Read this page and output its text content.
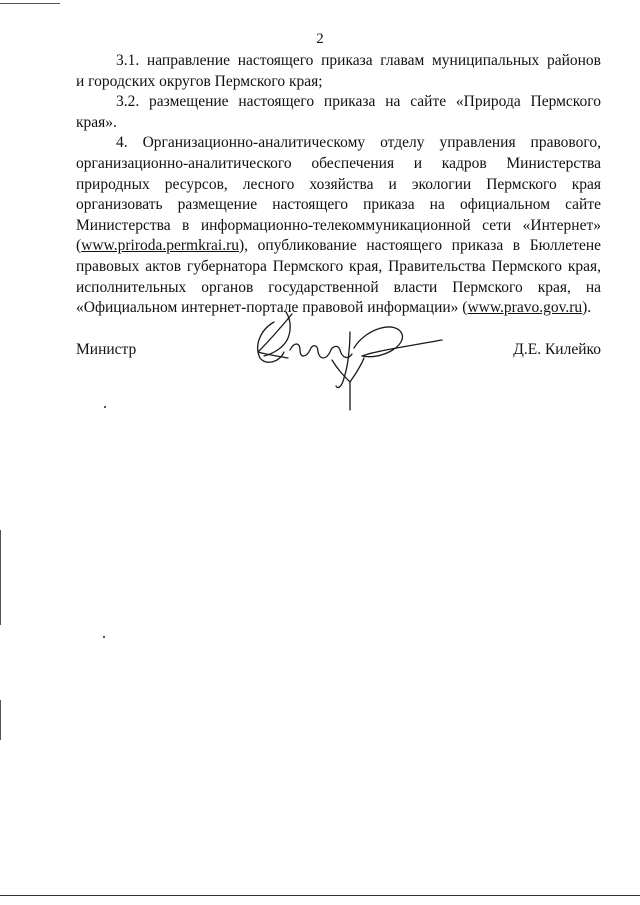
2

3.1. направление настоящего приказа главам муниципальных районов
и городских округов Пермского края;

3.2. размещение настоящего приказа на сайте «Природа Пермского края».

4. Организационно-аналитическому отделу управления правового, организационно-аналитического обеспечения и кадров Министерства природных ресурсов, лесного хозяйства и экологии Пермского края организовать размещение настоящего приказа на официальном сайте Министерства в информационно-телекоммуникационной сети «Интернет» (www.priroda.permkrai.ru), опубликование настоящего приказа в Бюллетене правовых актов губернатора Пермского края, Правительства Пермского края, исполнительных органов государственной власти Пермского края, на «Официальном интернет-портале правовой информации» (www.pravo.gov.ru).

Министр	Д.Е. Килейко
